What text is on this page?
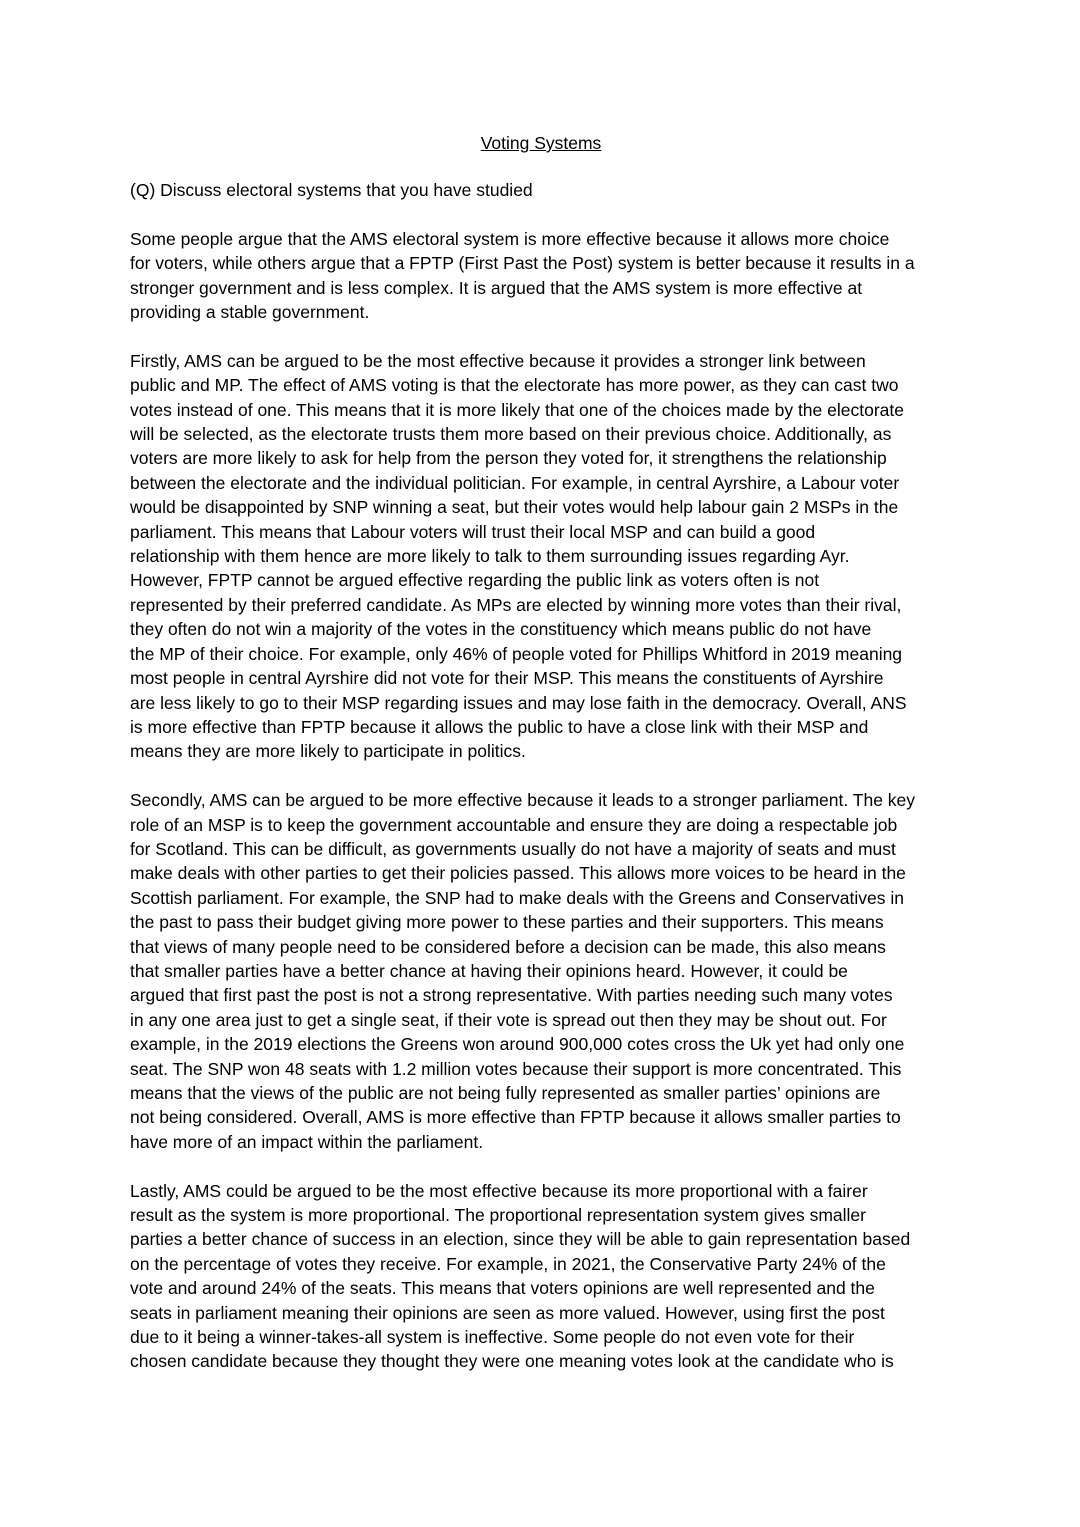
Voting Systems
(Q) Discuss electoral systems that you have studied
Some people argue that the AMS electoral system is more effective because it allows more choice
for voters, while others argue that a FPTP (First Past the Post) system is better because it results in a
stronger government and is less complex. It is argued that the AMS system is more effective at
providing a stable government.
Firstly, AMS can be argued to be the most effective because it provides a stronger link between
public and MP. The effect of AMS voting is that the electorate has more power, as they can cast two
votes instead of one. This means that it is more likely that one of the choices made by the electorate
will be selected, as the electorate trusts them more based on their previous choice. Additionally, as
voters are more likely to ask for help from the person they voted for, it strengthens the relationship
between the electorate and the individual politician. For example, in central Ayrshire, a Labour voter
would be disappointed by SNP winning a seat, but their votes would help labour gain 2 MSPs in the
parliament. This means that Labour voters will trust their local MSP and can build a good
relationship with them hence are more likely to talk to them surrounding issues regarding Ayr.
However, FPTP cannot be argued effective regarding the public link as voters often is not
represented by their preferred candidate. As MPs are elected by winning more votes than their rival,
they often do not win a majority of the votes in the constituency which means public do not have
the MP of their choice. For example, only 46% of people voted for Phillips Whitford in 2019 meaning
most people in central Ayrshire did not vote for their MSP. This means the constituents of Ayrshire
are less likely to go to their MSP regarding issues and may lose faith in the democracy. Overall, ANS
is more effective than FPTP because it allows the public to have a close link with their MSP and
means they are more likely to participate in politics.
Secondly, AMS can be argued to be more effective because it leads to a stronger parliament. The key
role of an MSP is to keep the government accountable and ensure they are doing a respectable job
for Scotland. This can be difficult, as governments usually do not have a majority of seats and must
make deals with other parties to get their policies passed. This allows more voices to be heard in the
Scottish parliament. For example, the SNP had to make deals with the Greens and Conservatives in
the past to pass their budget giving more power to these parties and their supporters. This means
that views of many people need to be considered before a decision can be made, this also means
that smaller parties have a better chance at having their opinions heard. However, it could be
argued that first past the post is not a strong representative. With parties needing such many votes
in any one area just to get a single seat, if their vote is spread out then they may be shout out. For
example, in the 2019 elections the Greens won around 900,000 cotes cross the Uk yet had only one
seat. The SNP won 48 seats with 1.2 million votes because their support is more concentrated. This
means that the views of the public are not being fully represented as smaller parties’ opinions are
not being considered. Overall, AMS is more effective than FPTP because it allows smaller parties to
have more of an impact within the parliament.
Lastly, AMS could be argued to be the most effective because its more proportional with a fairer
result as the system is more proportional. The proportional representation system gives smaller
parties a better chance of success in an election, since they will be able to gain representation based
on the percentage of votes they receive. For example, in 2021, the Conservative Party 24% of the
vote and around 24% of the seats. This means that voters opinions are well represented and the
seats in parliament meaning their opinions are seen as more valued. However, using first the post
due to it being a winner-takes-all system is ineffective. Some people do not even vote for their
chosen candidate because they thought they were one meaning votes look at the candidate who is
